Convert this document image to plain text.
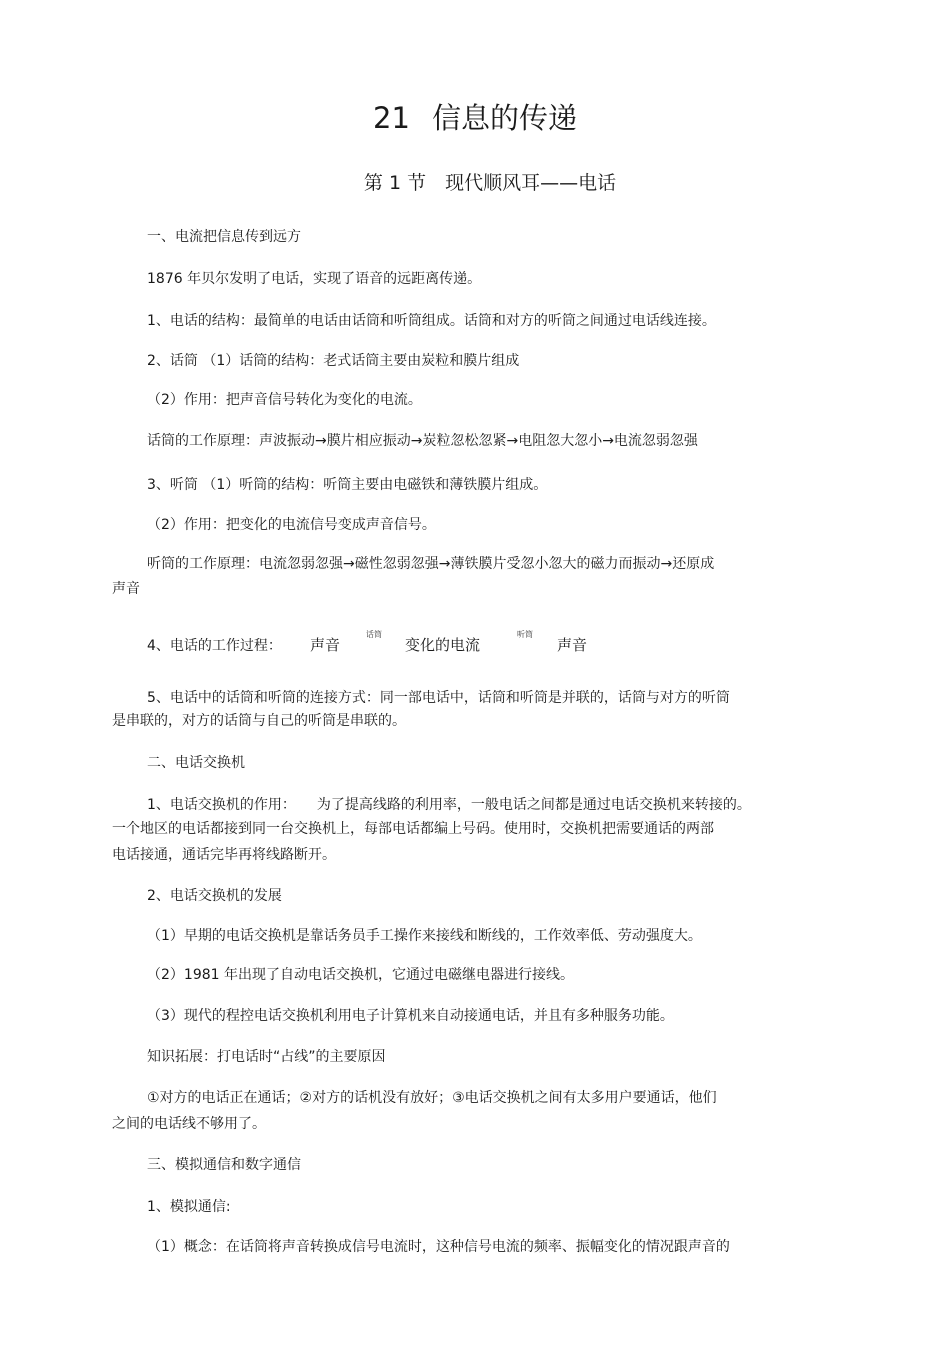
21 信息的传递
第 1 节　现代顺风耳——电话
一、电流把信息传到远方
1876 年贝尔发明了电话，实现了语音的远距离传递。
1、电话的结构：最简单的电话由话筒和听筒组成。话筒和对方的听筒之间通过电话线连接。
2、话筒 （1）话筒的结构：老式话筒主要由炭粒和膜片组成
（2）作用：把声音信号转化为变化的电流。
话筒的工作原理：声波振动→膜片相应振动→炭粒忽松忽紧→电阻忽大忽小→电流忽弱忽强
3、听筒 （1）听筒的结构：听筒主要由电磁铁和薄铁膜片组成。
（2）作用：把变化的电流信号变成声音信号。
听筒的工作原理：电流忽弱忽强→磁性忽弱忽强→薄铁膜片受忽小忽大的磁力而振动→还原成
声音
4、电话的工作过程： 声音
话筒
变化的电流
听筒
声音
5、电话中的话筒和听筒的连接方式：同一部电话中，话筒和听筒是并联的，话筒与对方的听筒
是串联的，对方的话筒与自己的听筒是串联的。
二、电话交换机
1、电话交换机的作用：　　为了提高线路的利用率，一般电话之间都是通过电话交换机来转接的。
一个地区的电话都接到同一台交换机上，每部电话都编上号码。使用时，交换机把需要通话的两部
电话接通，通话完毕再将线路断开。
2、电话交换机的发展
（1）早期的电话交换机是靠话务员手工操作来接线和断线的，工作效率低、劳动强度大。
（2）1981 年出现了自动电话交换机，它通过电磁继电器进行接线。
（3）现代的程控电话交换机利用电子计算机来自动接通电话，并且有多种服务功能。
知识拓展：打电话时“占线”的主要原因
①对方的电话正在通话；②对方的话机没有放好；③电话交换机之间有太多用户要通话，他们
之间的电话线不够用了。
三、模拟通信和数字通信
1、模拟通信:
（1）概念：在话筒将声音转换成信号电流时，这种信号电流的频率、振幅变化的情况跟声音的
